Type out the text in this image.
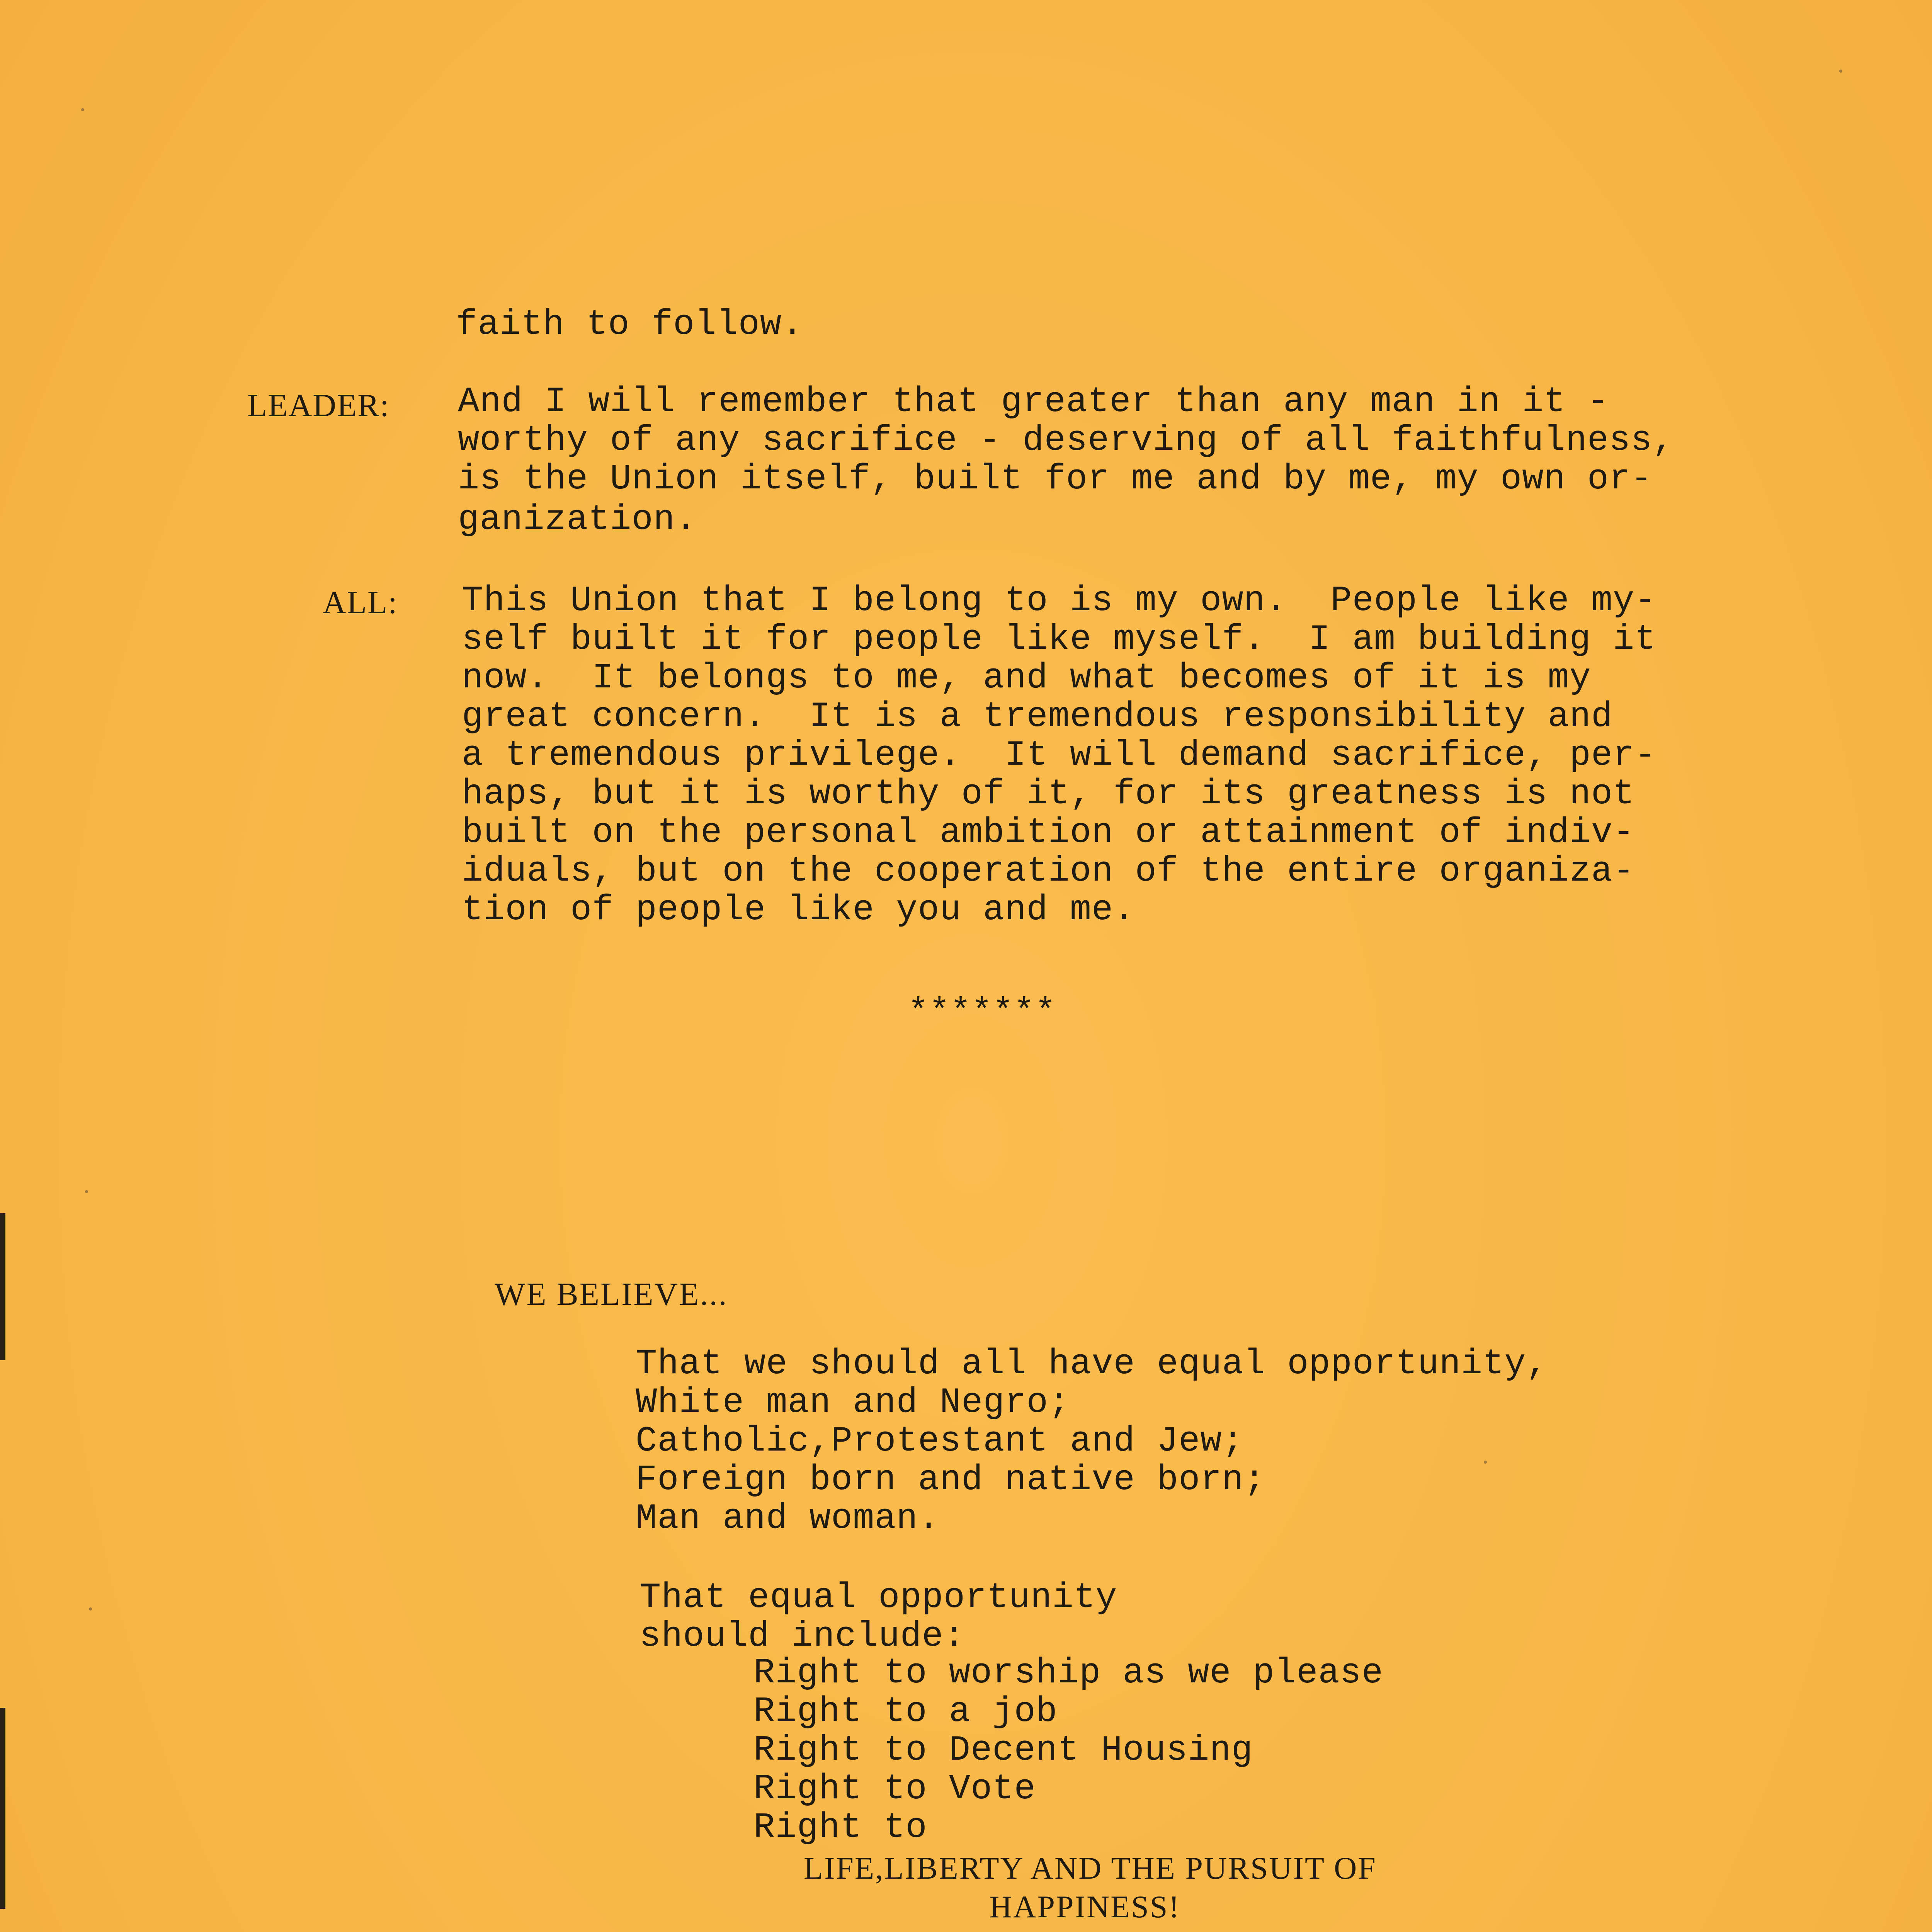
faith to follow.
LEADER: And I will remember that greater than any man in it -
worthy of any sacrifice - deserving of all faithfulness,
is the Union itself, built for me and by me, my own or-
ganization.
ALL: This Union that I belong to is my own.  People like my-
self built it for people like myself.  I am building it
now.  It belongs to me, and what becomes of it is my
great concern.  It is a tremendous responsibility and
a tremendous privilege.  It will demand sacrifice, per-
haps, but it is worthy of it, for its greatness is not
built on the personal ambition or attainment of indiv-
iduals, but on the cooperation of the entire organiza-
tion of people like you and me.
*******
WE BELIEVE...
That we should all have equal opportunity,
White man and Negro;
Catholic,Protestant and Jew;
Foreign born and native born;
Man and woman.
That equal opportunity
should include:
Right to worship as we please
Right to a job
Right to Decent Housing
Right to Vote
Right to
LIFE,LIBERTY AND THE PURSUIT OF
HAPPINESS!
